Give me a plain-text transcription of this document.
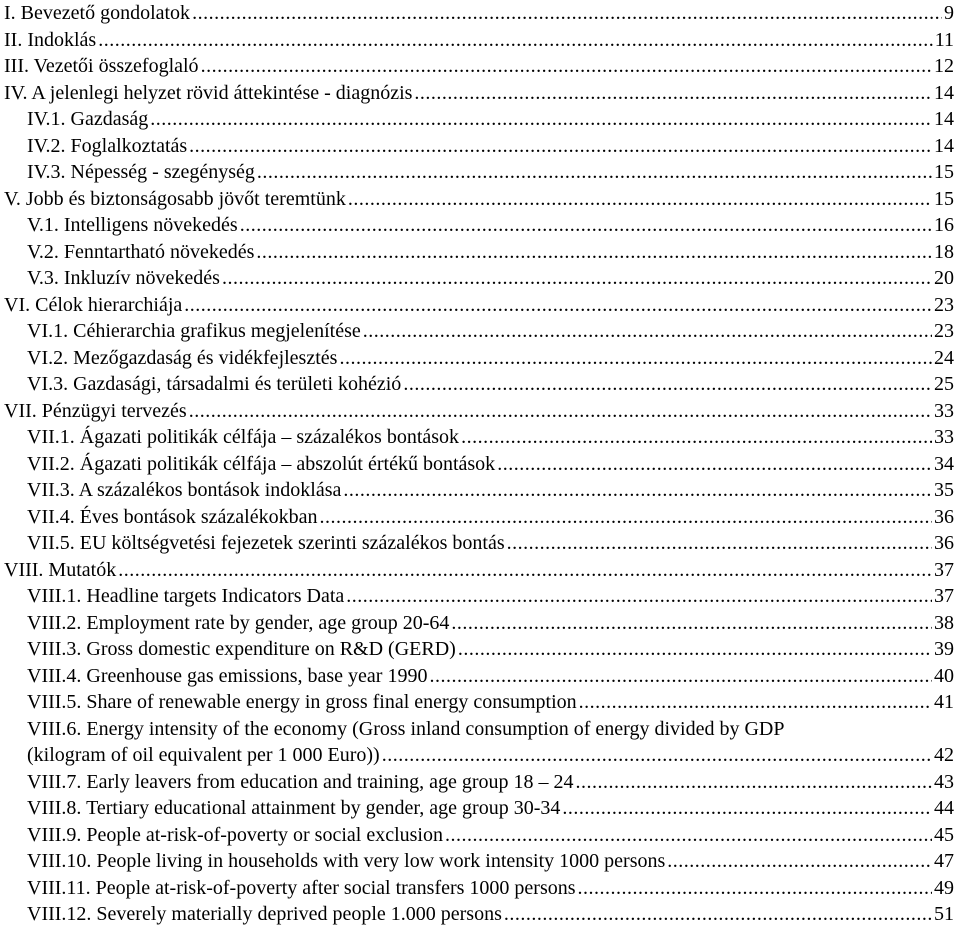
I. Bevezető gondolatok .....	9
II. Indoklás .....	11
III. Vezetői összefoglaló .....	12
IV. A jelenlegi helyzet rövid áttekintése - diagnózis .....	14
IV.1. Gazdaság .....	14
IV.2. Foglalkoztatás .....	14
IV.3. Népesség - szegénység .....	15
V. Jobb és biztonságosabb jövőt teremtünk .....	15
V.1. Intelligens növekedés .....	16
V.2. Fenntartható növekedés .....	18
V.3. Inkluzív növekedés .....	20
VI. Célok hierarchiája .....	23
VI.1. Céhierarchia grafikus megjelenítése .....	23
VI.2. Mezőgazdaság és vidékfejlesztés .....	24
VI.3. Gazdasági, társadalmi és területi kohézió .....	25
VII. Pénzügyi tervezés .....	33
VII.1. Ágazati politikák célfája – százalékos bontások .....	33
VII.2. Ágazati politikák célfája – abszolút értékű bontások .....	34
VII.3. A százalékos bontások indoklása .....	35
VII.4. Éves bontások százalékokban .....	36
VII.5. EU költségvetési fejezetek szerinti százalékos bontás .....	36
VIII. Mutatók .....	37
VIII.1. Headline targets Indicators Data .....	37
VIII.2. Employment rate by gender, age group 20-64 .....	38
VIII.3. Gross domestic expenditure on R&D (GERD) .....	39
VIII.4. Greenhouse gas emissions, base year 1990 .....	40
VIII.5. Share of renewable energy in gross final energy consumption .....	41
VIII.6. Energy intensity of the economy (Gross inland consumption of energy divided by GDP
(kilogram of oil equivalent per 1 000 Euro)) .....	42
VIII.7. Early leavers from education and training, age group 18 – 24 .....	43
VIII.8. Tertiary educational attainment by gender, age group 30-34 .....	44
VIII.9. People at-risk-of-poverty or social exclusion .....	45
VIII.10. People living in households with very low work intensity 1000 persons .....	47
VIII.11. People at-risk-of-poverty after social transfers 1000 persons .....	49
VIII.12. Severely materially deprived people 1.000 persons .....	51
